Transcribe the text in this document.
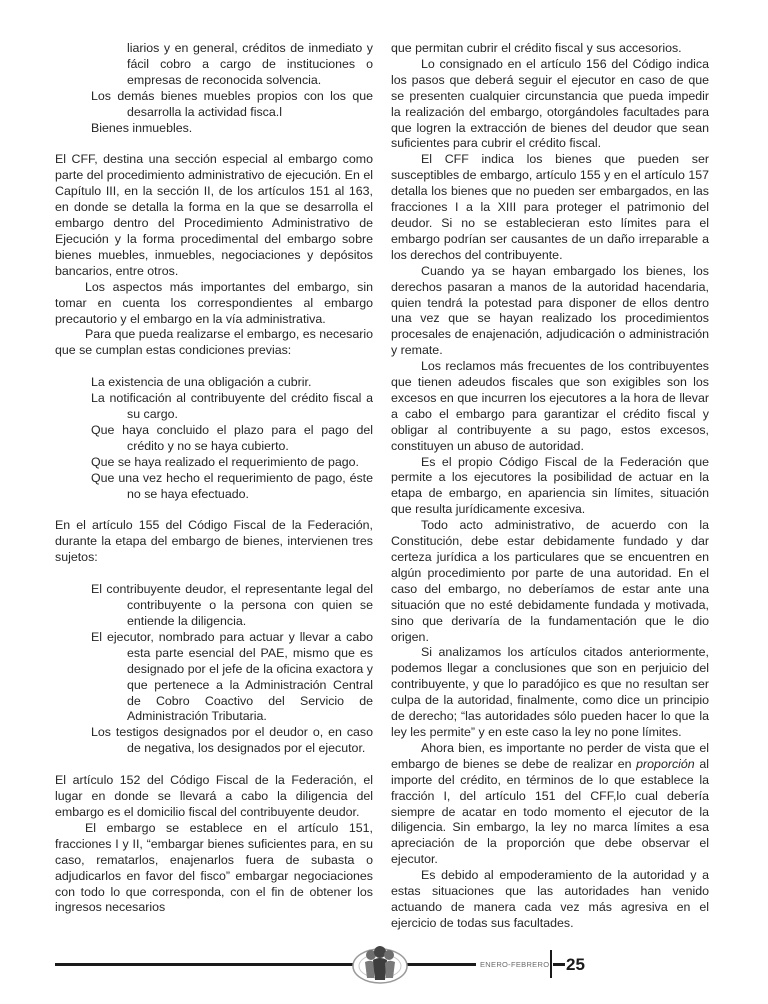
liarios y en general, créditos de inmediato y fácil cobro a cargo de instituciones o empresas de reconocida solvencia.

Los demás bienes muebles propios con los que desarrolla la actividad fisca.l

Bienes inmuebles.

El CFF, destina una sección especial al embargo como parte del procedimiento administrativo de ejecución. En el Capítulo III, en la sección II, de los artículos 151 al 163, en donde se detalla la forma en la que se desarrolla el embargo dentro del Procedimiento Administrativo de Ejecución y la forma procedimental del embargo sobre bienes muebles, inmuebles, negociaciones y depósitos bancarios, entre otros.

Los aspectos más importantes del embargo, sin tomar en cuenta los correspondientes al embargo precautorio y el embargo en la vía administrativa.

Para que pueda realizarse el embargo, es necesario que se cumplan estas condiciones previas:

La existencia de una obligación a cubrir.

La notificación al contribuyente del crédito fiscal a su cargo.

Que haya concluido el plazo para el pago del crédito y no se haya cubierto.

Que se haya realizado el requerimiento de pago.

Que una vez hecho el requerimiento de pago, éste no se haya efectuado.

En el artículo 155 del Código Fiscal de la Federación, durante la etapa del embargo de bienes, intervienen tres sujetos:

El contribuyente deudor, el representante legal del contribuyente o la persona con quien se entiende la diligencia.

El ejecutor, nombrado para actuar y llevar a cabo esta parte esencial del PAE, mismo que es designado por el jefe de la oficina exactora y que pertenece a la Administración Central de Cobro Coactivo del Servicio de Administración Tributaria.

Los testigos designados por el deudor o, en caso de negativa, los designados por el ejecutor.

El artículo 152 del Código Fiscal de la Federación, el lugar en donde se llevará a cabo la diligencia del embargo es el domicilio fiscal del contribuyente deudor.

El embargo se establece en el artículo 151, fracciones I y II, “embargar bienes suficientes para, en su caso, rematarlos, enajenarlos fuera de subasta o adjudicarlos en favor del fisco” embargar negociaciones con todo lo que corresponda, con el fin de obtener los ingresos necesarios

que permitan cubrir el crédito fiscal y sus accesorios.

Lo consignado en el artículo 156 del Código indica los pasos que deberá seguir el ejecutor en caso de que se presenten cualquier circunstancia que pueda impedir la realización del embargo, otorgándoles facultades para que logren la extracción de bienes del deudor que sean suficientes para cubrir el crédito fiscal.

El CFF indica los bienes que pueden ser susceptibles de embargo, artículo 155 y en el artículo 157 detalla los bienes que no pueden ser embargados, en las fracciones I a la XIII para proteger el patrimonio del deudor. Si no se establecieran esto límites para el embargo podrían ser causantes de un daño irreparable a los derechos del contribuyente.

Cuando ya se hayan embargado los bienes, los derechos pasaran a manos de la autoridad hacendaria, quien tendrá la potestad para disponer de ellos dentro una vez que se hayan realizado los procedimientos procesales de enajenación, adjudicación o administración y remate.

Los reclamos más frecuentes de los contribuyentes que tienen adeudos fiscales que son exigibles son los excesos en que incurren los ejecutores a la hora de llevar a cabo el embargo para garantizar el crédito fiscal y obligar al contribuyente a su pago, estos excesos, constituyen un abuso de autoridad.

Es el propio Código Fiscal de la Federación que permite a los ejecutores la posibilidad de actuar en la etapa de embargo, en apariencia sin límites, situación que resulta jurídicamente excesiva.

Todo acto administrativo, de acuerdo con la Constitución, debe estar debidamente fundado y dar certeza jurídica a los particulares que se encuentren en algún procedimiento por parte de una autoridad. En el caso del embargo, no deberíamos de estar ante una situación que no esté debidamente fundada y motivada, sino que derivaría de la fundamentación que le dio origen.

Si analizamos los artículos citados anteriormente, podemos llegar a conclusiones que son en perjuicio del contribuyente, y que lo paradójico es que no resultan ser culpa de la autoridad, finalmente, como dice un principio de derecho; “las autoridades sólo pueden hacer lo que la ley les permite” y en este caso la ley no pone límites.

Ahora bien, es importante no perder de vista que el embargo de bienes se debe de realizar en proporción al importe del crédito, en términos de lo que establece la fracción I, del artículo 151 del CFF,lo cual debería siempre de acatar en todo momento el ejecutor de la diligencia. Sin embargo, la ley no marca límites a esa apreciación de la proporción que debe observar el ejecutor.

Es debido al empoderamiento de la autoridad y a estas situaciones que las autoridades han venido actuando de manera cada vez más agresiva en el ejercicio de todas sus facultades.

ENERO-FEBRERO 25
